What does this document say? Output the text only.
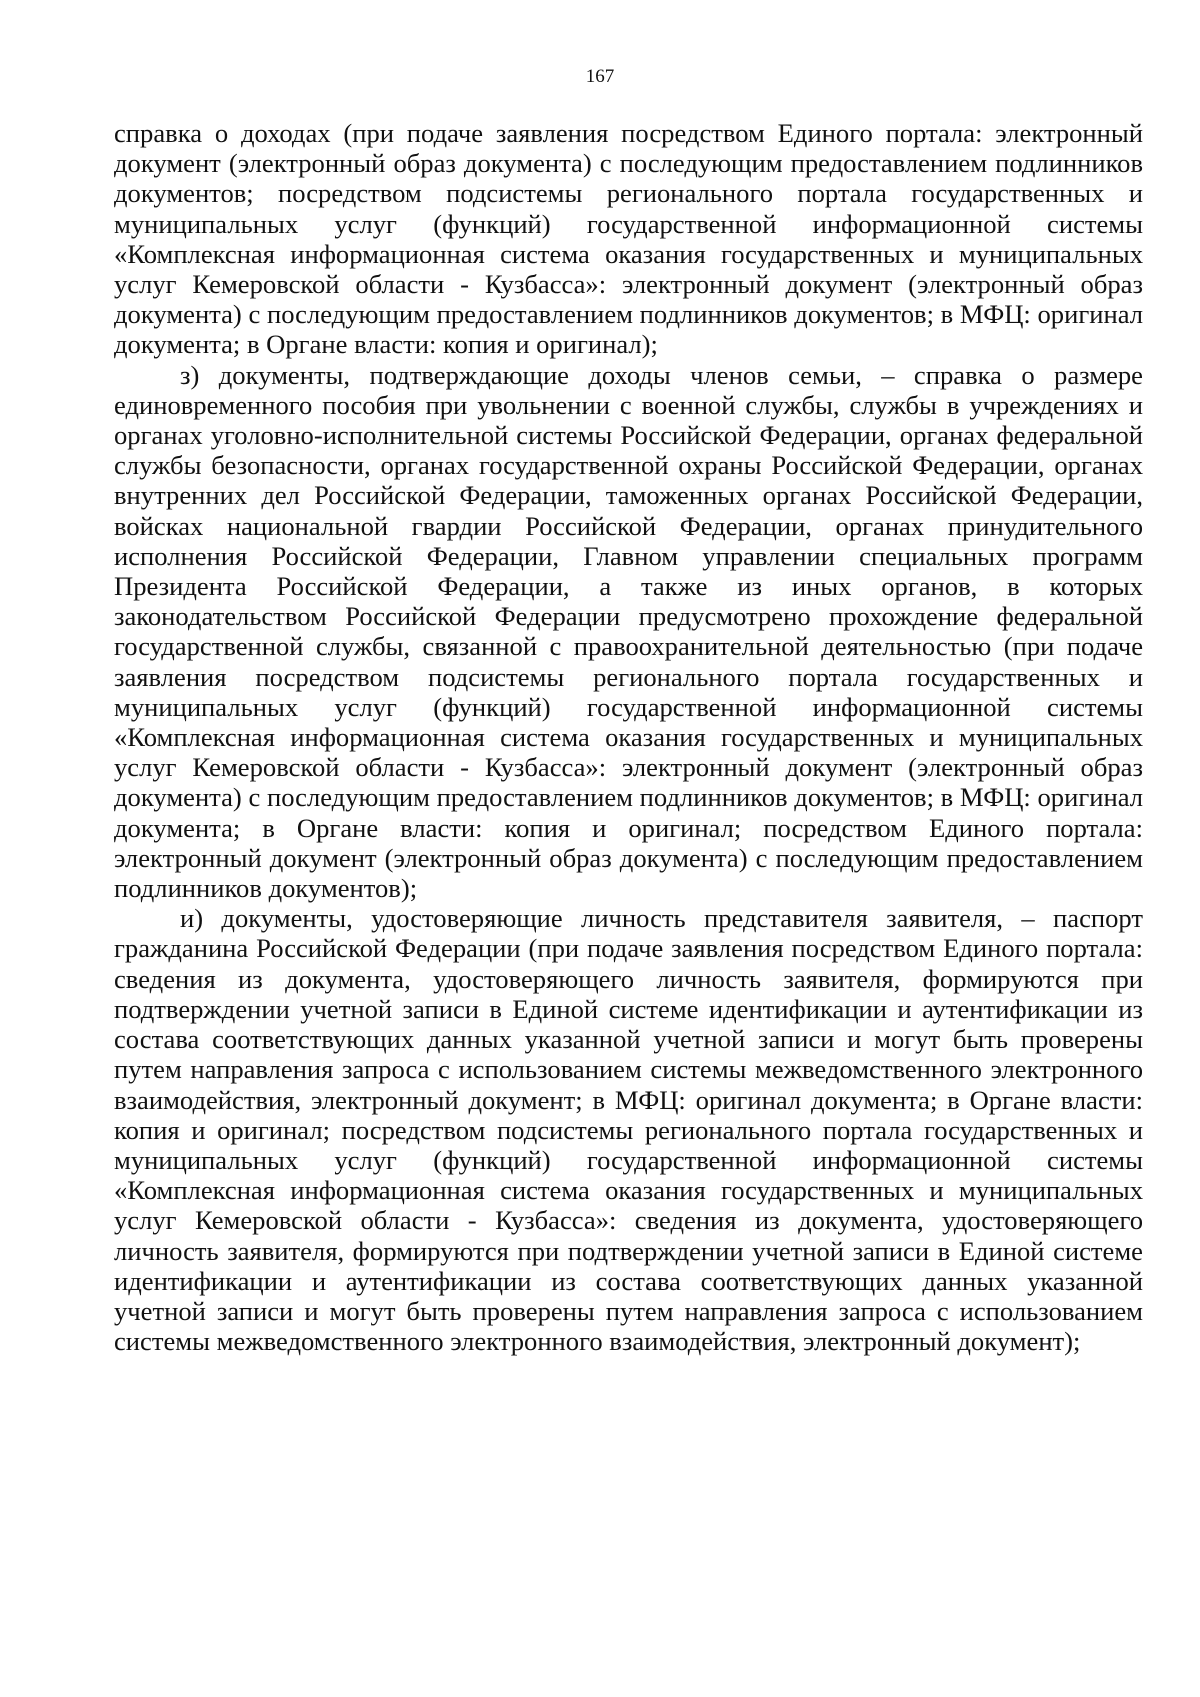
167

справка о доходах (при подаче заявления посредством Единого портала: электронный документ (электронный образ документа) с последующим предоставлением подлинников документов; посредством подсистемы регионального портала государственных и муниципальных услуг (функций) государственной информационной системы «Комплексная информационная система оказания государственных и муниципальных услуг Кемеровской области - Кузбасса»: электронный документ (электронный образ документа) с последующим предоставлением подлинников документов; в МФЦ: оригинал документа; в Органе власти: копия и оригинал);

з) документы, подтверждающие доходы членов семьи, – справка о размере единовременного пособия при увольнении с военной службы, службы в учреждениях и органах уголовно-исполнительной системы Российской Федерации, органах федеральной службы безопасности, органах государственной охраны Российской Федерации, органах внутренних дел Российской Федерации, таможенных органах Российской Федерации, войсках национальной гвардии Российской Федерации, органах принудительного исполнения Российской Федерации, Главном управлении специальных программ Президента Российской Федерации, а также из иных органов, в которых законодательством Российской Федерации предусмотрено прохождение федеральной государственной службы, связанной с правоохранительной деятельностью (при подаче заявления посредством подсистемы регионального портала государственных и муниципальных услуг (функций) государственной информационной системы «Комплексная информационная система оказания государственных и муниципальных услуг Кемеровской области - Кузбасса»: электронный документ (электронный образ документа) с последующим предоставлением подлинников документов; в МФЦ: оригинал документа; в Органе власти: копия и оригинал; посредством Единого портала: электронный документ (электронный образ документа) с последующим предоставлением подлинников документов);

и) документы, удостоверяющие личность представителя заявителя, – паспорт гражданина Российской Федерации (при подаче заявления посредством Единого портала: сведения из документа, удостоверяющего личность заявителя, формируются при подтверждении учетной записи в Единой системе идентификации и аутентификации из состава соответствующих данных указанной учетной записи и могут быть проверены путем направления запроса с использованием системы межведомственного электронного взаимодействия, электронный документ; в МФЦ: оригинал документа; в Органе власти: копия и оригинал; посредством подсистемы регионального портала государственных и муниципальных услуг (функций) государственной информационной системы «Комплексная информационная система оказания государственных и муниципальных услуг Кемеровской области - Кузбасса»: сведения из документа, удостоверяющего личность заявителя, формируются при подтверждении учетной записи в Единой системе идентификации и аутентификации из состава соответствующих данных указанной учетной записи и могут быть проверены путем направления запроса с использованием системы межведомственного электронного взаимодействия, электронный документ);
